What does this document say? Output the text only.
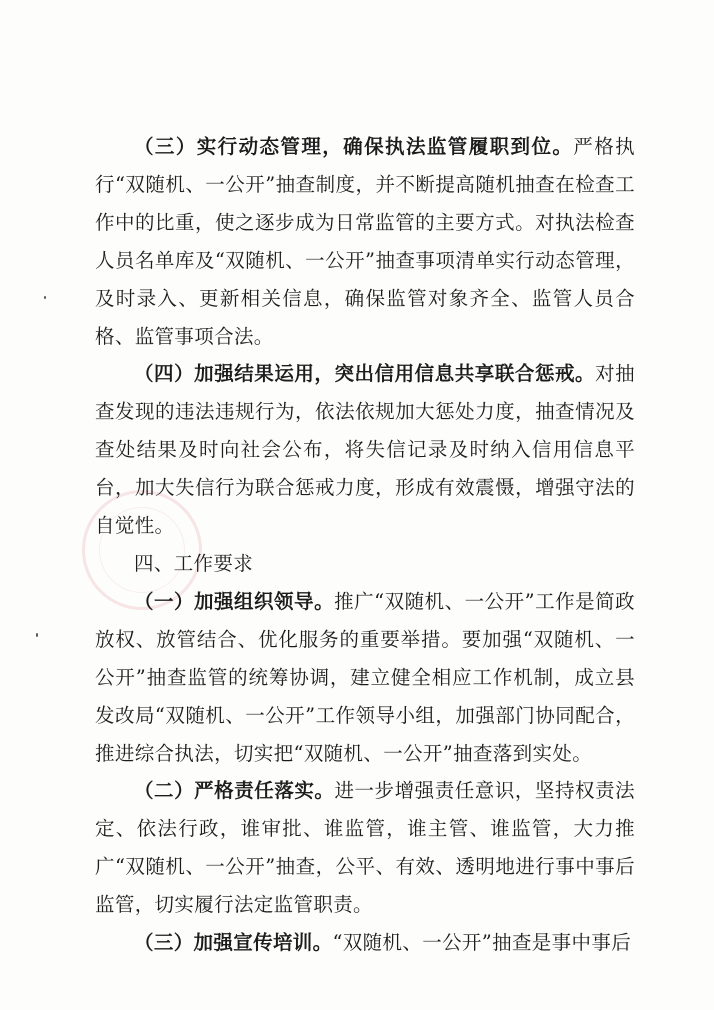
（三）实行动态管理，确保执法监管履职到位。严格执行“双随机、一公开”抽查制度，并不断提高随机抽查在检查工作中的比重，使之逐步成为日常监管的主要方式。对执法检查人员名单库及“双随机、一公开”抽查事项清单实行动态管理，及时录入、更新相关信息，确保监管对象齐全、监管人员合格、监管事项合法。

（四）加强结果运用，突出信用信息共享联合惩戒。对抽查发现的违法违规行为，依法依规加大惩处力度，抽查情况及查处结果及时向社会公布，将失信记录及时纳入信用信息平台，加大失信行为联合惩戒力度，形成有效震慑，增强守法的自觉性。

四、工作要求

（一）加强组织领导。推广“双随机、一公开”工作是简政放权、放管结合、优化服务的重要举措。要加强“双随机、一公开”抽查监管的统筹协调，建立健全相应工作机制，成立县发改局“双随机、一公开”工作领导小组，加强部门协同配合，推进综合执法，切实把“双随机、一公开”抽查落到实处。

（二）严格责任落实。进一步增强责任意识，坚持权责法定、依法行政，谁审批、谁监管，谁主管、谁监管，大力推广“双随机、一公开”抽查，公平、有效、透明地进行事中事后监管，切实履行法定监管职责。

（三）加强宣传培训。“双随机、一公开”抽查是事中事后
